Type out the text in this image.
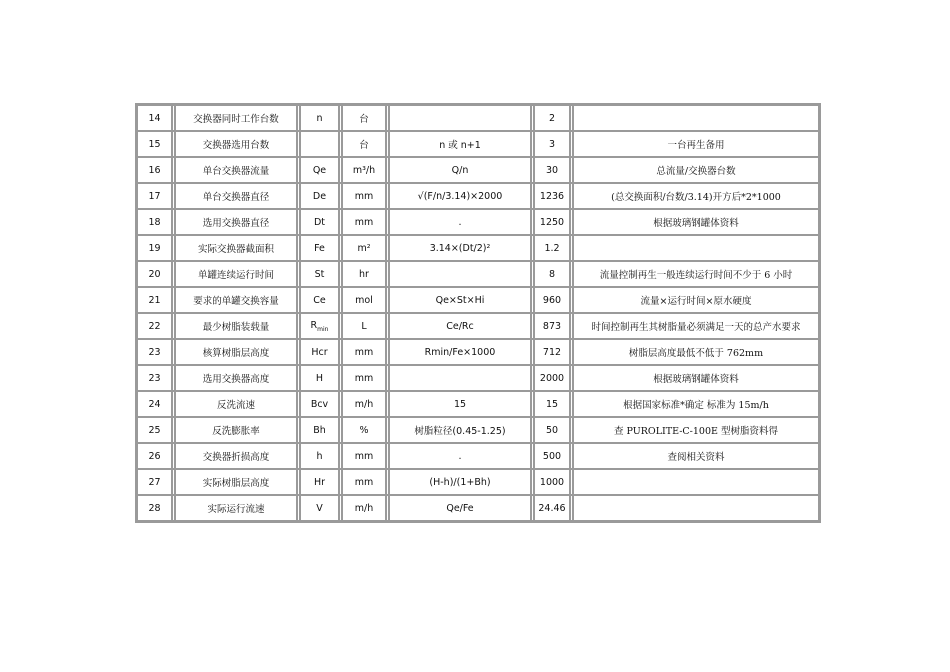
14		交换器同时工作台数		n		台				2		
15		交换器选用台数				台		n 或 n+1		3		一台再生备用
16		单台交换器流量		Qe		m³/h		Q/n		30		总流量/交换器台数
17		单台交换器直径		De		mm		√(F/n/3.14)×2000		1236		(总交换面积/台数/3.14)开方后*2*1000
18		选用交换器直径		Dt		mm		.		1250		根据玻璃钢罐体资料
19		实际交换器截面积		Fe		m²		3.14×(Dt/2)²		1.2		
20		单罐连续运行时间		St		hr				8		流量控制再生一般连续运行时间不少于 6 小时
21		要求的单罐交换容量		Ce		mol		Qe×St×Hi		960		流量×运行时间×原水硬度
22		最少树脂装载量		$R_{min}$		L		Ce/Rc		873		时间控制再生其树脂量必须满足一天的总产水要求
23		核算树脂层高度		Hcr		mm		Rmin/Fe×1000		712		树脂层高度最低不低于 762mm
23		选用交换器高度		H		mm				2000		根据玻璃钢罐体资料
24		反洗流速		Bcv		m/h		15		15		根据国家标准*确定 标准为 15m/h
25		反洗膨胀率		Bh		%		树脂粒径(0.45-1.25)		50		查 PUROLITE-C-100E 型树脂资料得
26		交换器折损高度		h		mm		.		500		查阅相关资料
27		实际树脂层高度		Hr		mm		(H-h)/(1+Bh)		1000		
28		实际运行流速		V		m/h		Qe/Fe		24.46		
